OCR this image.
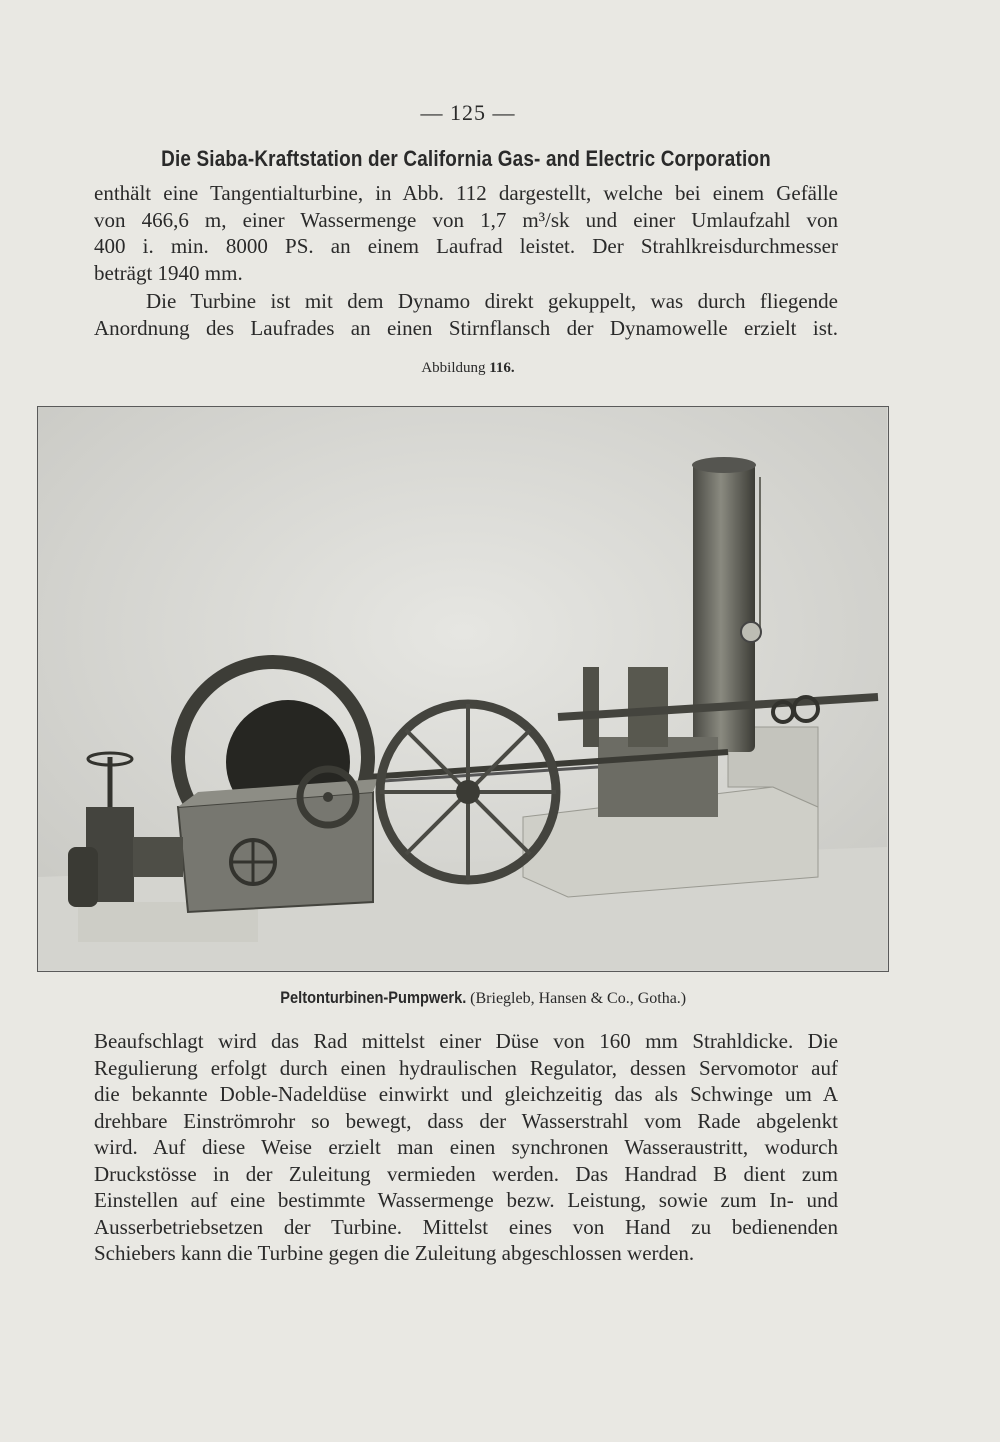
— 125 —
Die Siaba-Kraftstation der California Gas- and Electric Corporation
enthält eine Tangentialturbine, in Abb. 112 dargestellt, welche bei einem Gefälle
von 466,6 m, einer Wassermenge von 1,7 m³/sk und einer Umlaufzahl von
400 i. min. 8000 PS. an einem Laufrad leistet. Der Strahlkreisdurchmesser
beträgt 1940 mm.
Die Turbine ist mit dem Dynamo direkt gekuppelt, was durch fliegende
Anordnung des Laufrades an einen Stirnflansch der Dynamowelle erzielt ist.
Abbildung 116.
Peltonturbinen-Pumpwerk. (Briegleb, Hansen & Co., Gotha.)
Beaufschlagt wird das Rad mittelst einer Düse von 160 mm Strahldicke. Die
Regulierung erfolgt durch einen hydraulischen Regulator, dessen Servomotor auf
die bekannte Doble-Nadeldüse einwirkt und gleichzeitig das als Schwinge um A
drehbare Einströmrohr so bewegt, dass der Wasserstrahl vom Rade abgelenkt
wird. Auf diese Weise erzielt man einen synchronen Wasseraustritt, wodurch
Druckstösse in der Zuleitung vermieden werden. Das Handrad B dient zum
Einstellen auf eine bestimmte Wassermenge bezw. Leistung, sowie zum In- und
Ausserbetriebsetzen der Turbine. Mittelst eines von Hand zu bedienenden
Schiebers kann die Turbine gegen die Zuleitung abgeschlossen werden.
